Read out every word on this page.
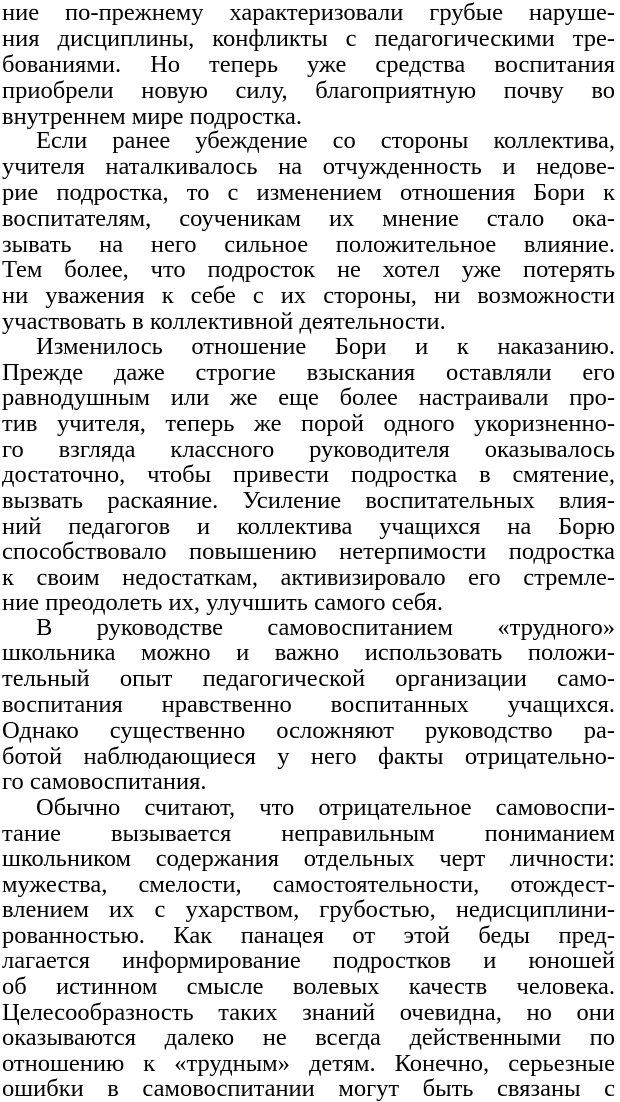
ние по-прежнему характеризовали грубые наруше-
ния дисциплины, конфликты с педагогическими тре-
бованиями. Но теперь уже средства воспитания
приобрели новую силу, благоприятную почву во
внутреннем мире подростка.
Если ранее убеждение со стороны коллектива,
учителя наталкивалось на отчужденность и недове-
рие подростка, то с изменением отношения Бори к
воспитателям, соученикам их мнение стало ока-
зывать на него сильное положительное влияние.
Тем более, что подросток не хотел уже потерять
ни уважения к себе с их стороны, ни возможности
участвовать в коллективной деятельности.
Изменилось отношение Бори и к наказанию.
Прежде даже строгие взыскания оставляли его
равнодушным или же еще более настраивали про-
тив учителя, теперь же порой одного укоризненно-
го взгляда классного руководителя оказывалось
достаточно, чтобы привести подростка в смятение,
вызвать раскаяние. Усиление воспитательных влия-
ний педагогов и коллектива учащихся на Борю
способствовало повышению нетерпимости подростка
к своим недостаткам, активизировало его стремле-
ние преодолеть их, улучшить самого себя.
В руководстве самовоспитанием «трудного»
школьника можно и важно использовать положи-
тельный опыт педагогической организации само-
воспитания нравственно воспитанных учащихся.
Однако существенно осложняют руководство ра-
ботой наблюдающиеся у него факты отрицательно-
го самовоспитания.
Обычно считают, что отрицательное самовоспи-
тание вызывается неправильным пониманием
школьником содержания отдельных черт личности:
мужества, смелости, самостоятельности, отождест-
влением их с ухарством, грубостью, недисциплини-
рованностью. Как панацея от этой беды пред-
лагается информирование подростков и юношей
об истинном смысле волевых качеств человека.
Целесообразность таких знаний очевидна, но они
оказываются далеко не всегда действенными по
отношению к «трудным» детям. Конечно, серьезные
ошибки в самовоспитании могут быть связаны с
